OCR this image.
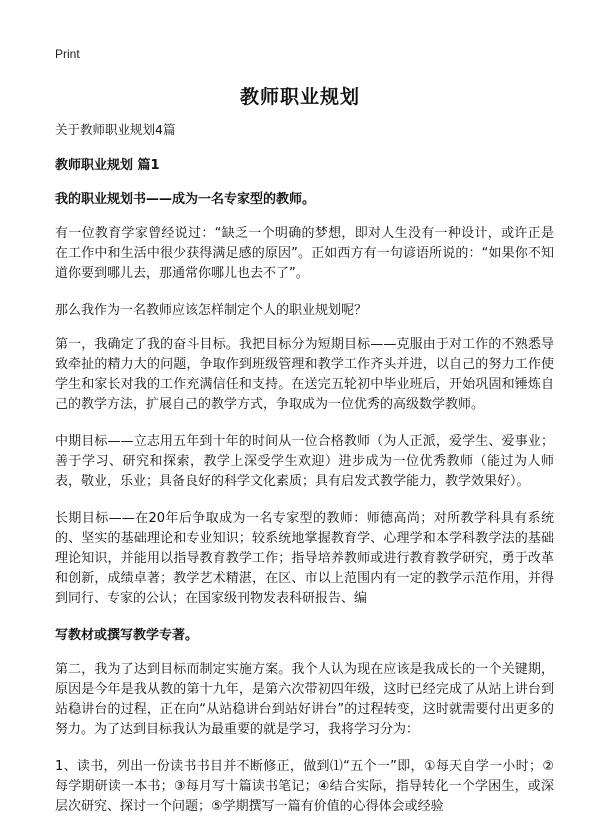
Print
教师职业规划

关于教师职业规划4篇

教师职业规划 篇1

我的职业规划书——成为一名专家型的教师。

有一位教育学家曾经说过：“缺乏一个明确的梦想，即对人生没有一种设计，或许正是在工作中和生活中很少获得满足感的原因”。正如西方有一句谚语所说的：“如果你不知道你要到哪儿去，那通常你哪儿也去不了”。

那么我作为一名教师应该怎样制定个人的职业规划呢？

第一，我确定了我的奋斗目标。我把目标分为短期目标——克服由于对工作的不熟悉导致牵扯的精力大的问题，争取作到班级管理和教学工作齐头并进，以自己的努力工作使学生和家长对我的工作充满信任和支持。在送完五轮初中毕业班后，开始巩固和锤炼自己的教学方法，扩展自己的教学方式，争取成为一位优秀的高级数学教师。

中期目标——立志用五年到十年的时间从一位合格教师（为人正派，爱学生、爱事业；善于学习、研究和探索，教学上深受学生欢迎）进步成为一位优秀教师（能过为人师表，敬业，乐业；具备良好的科学文化素质；具有启发式教学能力，教学效果好）。

长期目标——在20年后争取成为一名专家型的教师：师德高尚；对所教学科具有系统的、坚实的基础理论和专业知识；较系统地掌握教育学、心理学和本学科教学法的基础理论知识，并能用以指导教育教学工作；指导培养教师或进行教育教学研究，勇于改革和创新，成绩卓著；教学艺术精湛，在区、市以上范围内有一定的教学示范作用，并得到同行、专家的公认；在国家级刊物发表科研报告、编

写教材或撰写教学专著。

第二，我为了达到目标而制定实施方案。我个人认为现在应该是我成长的一个关键期，原因是今年是我从教的第十九年，是第六次带初四年级，这时已经完成了从站上讲台到站稳讲台的过程，正在向“从站稳讲台到站好讲台”的过程转变，这时就需要付出更多的努力。为了达到目标我认为最重要的就是学习，我将学习分为：

1、读书，列出一份读书书目并不断修正，做到⑴“五个一”即，①每天自学一小时；②每学期研读一本书；③每月写十篇读书笔记；④结合实际，指导转化一个学困生，或深层次研究、探讨一个问题；⑤学期撰写一篇有价值的心得体会或经验
